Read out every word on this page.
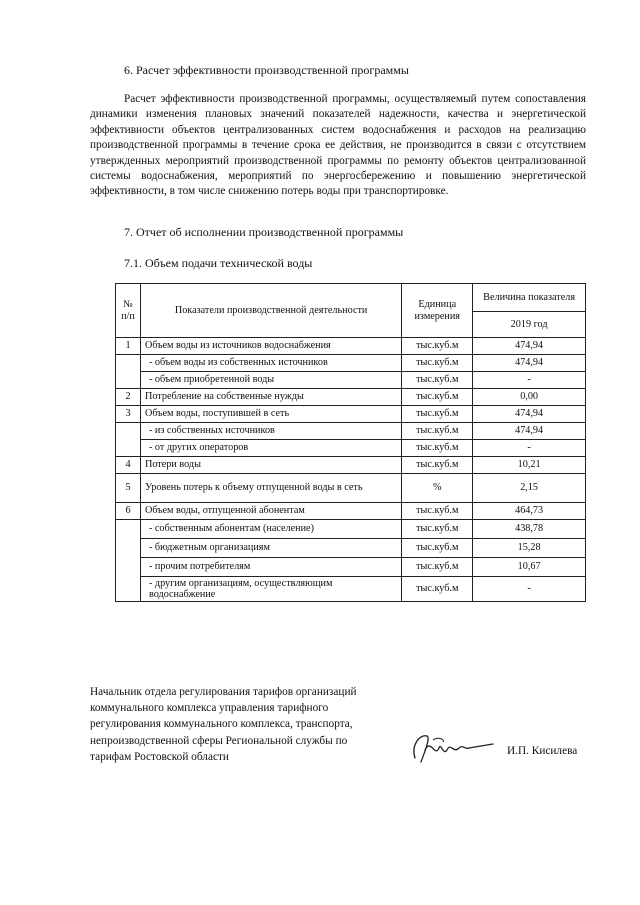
6. Расчет эффективности производственной программы

Расчет эффективности производственной программы, осуществляемый путем сопоставления динамики изменения плановых значений показателей надежности, качества и энергетической эффективности объектов централизованных систем водоснабжения и расходов на реализацию производственной программы в течение срока ее действия, не производится в связи с отсутствием утвержденных мероприятий производственной программы по ремонту объектов централизованной системы водоснабжения, мероприятий по энергосбережению и повышению энергетической эффективности, в том числе снижению потерь воды при транспортировке.

7. Отчет об исполнении производственной программы
7.1. Объем подачи технической воды
№ п/п	Показатели производственной деятельности	Единица измерения	Величина показателя
			2019 год
1	Объем воды из источников водоснабжения	тыс.куб.м	474,94
	- объем воды из собственных источников	тыс.куб.м	474,94
	- объем приобретенной воды	тыс.куб.м	-
2	Потребление на собственные нужды	тыс.куб.м	0,00
3	Объем воды, поступившей в сеть	тыс.куб.м	474,94
	- из собственных источников	тыс.куб.м	474,94
	- от других операторов	тыс.куб.м	-
4	Потери воды	тыс.куб.м	10,21
5	Уровень потерь к объему отпущенной воды в сеть	%	2,15
6	Объем воды, отпущенной абонентам	тыс.куб.м	464,73
	- собственным абонентам (население)	тыс.куб.м	438,78
	- бюджетным организациям	тыс.куб.м	15,28
	- прочим потребителям	тыс.куб.м	10,67
	- другим организациям, осуществляющим водоснабжение	тыс.куб.м	-
Начальник отдела регулирования тарифов организаций
коммунального комплекса управления тарифного
регулирования коммунального комплекса, транспорта,
непроизводственной сферы Региональной службы по
тарифам Ростовской области	И.П. Кисилева
